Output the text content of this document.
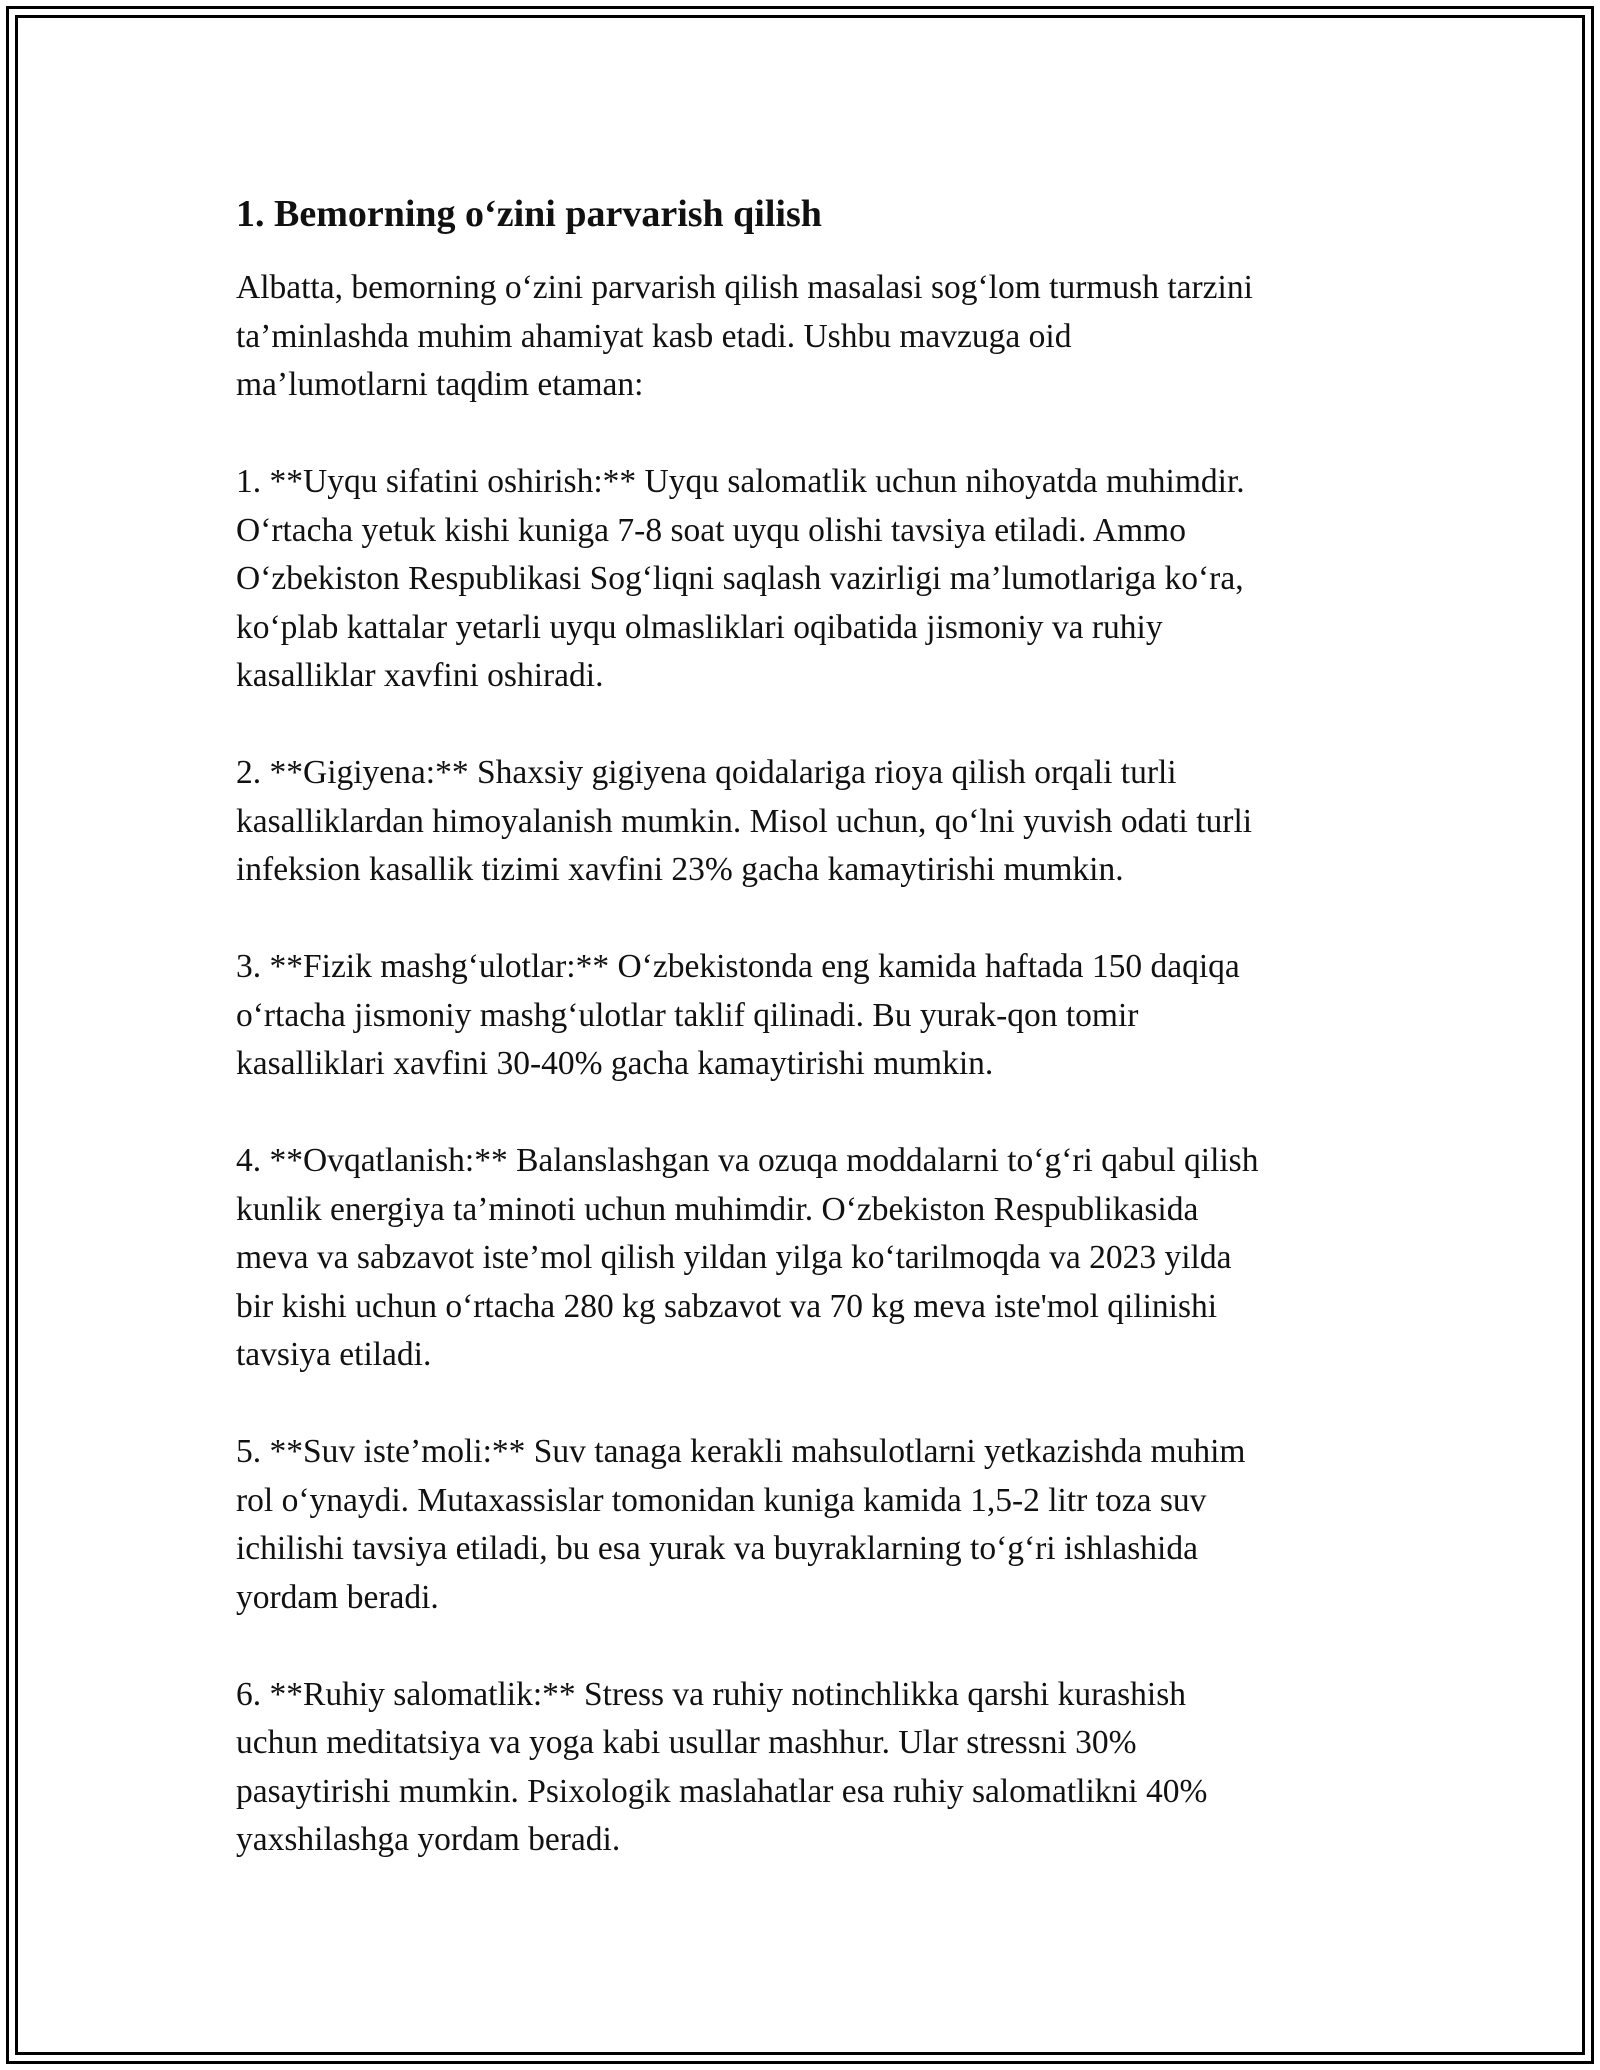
1. Bemorning o‘zini parvarish qilish

Albatta, bemorning o‘zini parvarish qilish masalasi sog‘lom turmush tarzini
ta’minlashda muhim ahamiyat kasb etadi. Ushbu mavzuga oid
ma’lumotlarni taqdim etaman:

1. **Uyqu sifatini oshirish:** Uyqu salomatlik uchun nihoyatda muhimdir.
O‘rtacha yetuk kishi kuniga 7-8 soat uyqu olishi tavsiya etiladi. Ammo
O‘zbekiston Respublikasi Sog‘liqni saqlash vazirligi ma’lumotlariga ko‘ra,
ko‘plab kattalar yetarli uyqu olmasliklari oqibatida jismoniy va ruhiy
kasalliklar xavfini oshiradi.

2. **Gigiyena:** Shaxsiy gigiyena qoidalariga rioya qilish orqali turli
kasalliklardan himoyalanish mumkin. Misol uchun, qo‘lni yuvish odati turli
infeksion kasallik tizimi xavfini 23% gacha kamaytirishi mumkin.

3. **Fizik mashg‘ulotlar:** O‘zbekistonda eng kamida haftada 150 daqiqa
o‘rtacha jismoniy mashg‘ulotlar taklif qilinadi. Bu yurak-qon tomir
kasalliklari xavfini 30-40% gacha kamaytirishi mumkin.

4. **Ovqatlanish:** Balanslashgan va ozuqa moddalarni to‘g‘ri qabul qilish
kunlik energiya ta’minoti uchun muhimdir. O‘zbekiston Respublikasida
meva va sabzavot iste’mol qilish yildan yilga ko‘tarilmoqda va 2023 yilda
bir kishi uchun o‘rtacha 280 kg sabzavot va 70 kg meva iste'mol qilinishi
tavsiya etiladi.

5. **Suv iste’moli:** Suv tanaga kerakli mahsulotlarni yetkazishda muhim
rol o‘ynaydi. Mutaxassislar tomonidan kuniga kamida 1,5-2 litr toza suv
ichilishi tavsiya etiladi, bu esa yurak va buyraklarning to‘g‘ri ishlashida
yordam beradi.

6. **Ruhiy salomatlik:** Stress va ruhiy notinchlikka qarshi kurashish
uchun meditatsiya va yoga kabi usullar mashhur. Ular stressni 30%
pasaytirishi mumkin. Psixologik maslahatlar esa ruhiy salomatlikni 40%
yaxshilashga yordam beradi.
